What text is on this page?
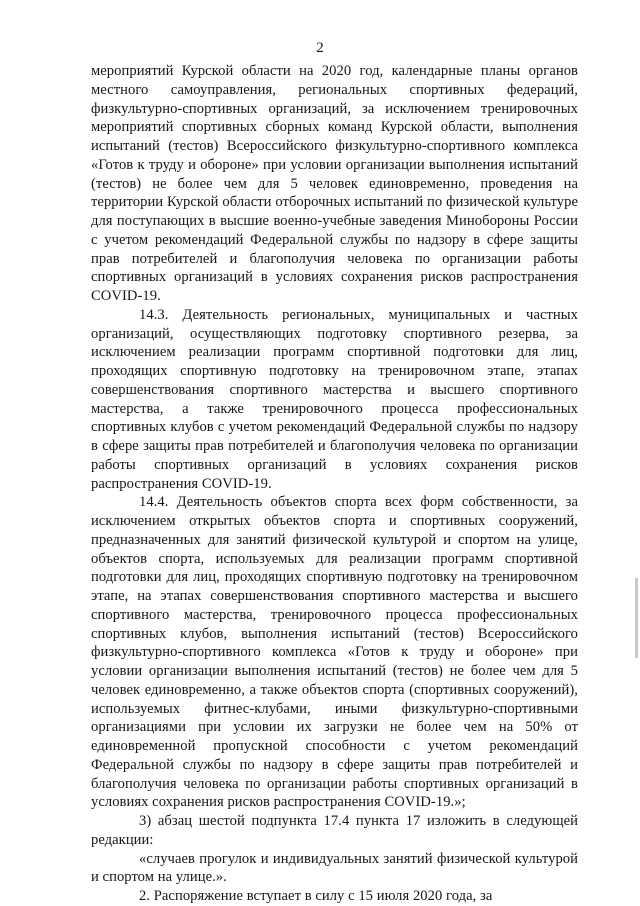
2

мероприятий Курской области на 2020 год, календарные планы органов местного самоуправления, региональных спортивных федераций, физкультурно-спортивных организаций, за исключением тренировочных мероприятий спортивных сборных команд Курской области, выполнения испытаний (тестов) Всероссийского физкультурно-спортивного комплекса «Готов к труду и обороне» при условии организации выполнения испытаний (тестов) не более чем для 5 человек единовременно, проведения на территории Курской области отборочных испытаний по физической культуре для поступающих в высшие военно-учебные заведения Минобороны России с учетом рекомендаций Федеральной службы по надзору в сфере защиты прав потребителей и благополучия человека по организации работы спортивных организаций в условиях сохранения рисков распространения COVID-19.

14.3. Деятельность региональных, муниципальных и частных организаций, осуществляющих подготовку спортивного резерва, за исключением реализации программ спортивной подготовки для лиц, проходящих спортивную подготовку на тренировочном этапе, этапах совершенствования спортивного мастерства и высшего спортивного мастерства, а также тренировочного процесса профессиональных спортивных клубов с учетом рекомендаций Федеральной службы по надзору в сфере защиты прав потребителей и благополучия человека по организации работы спортивных организаций в условиях сохранения рисков распространения COVID-19.

14.4. Деятельность объектов спорта всех форм собственности, за исключением открытых объектов спорта и спортивных сооружений, предназначенных для занятий физической культурой и спортом на улице, объектов спорта, используемых для реализации программ спортивной подготовки для лиц, проходящих спортивную подготовку на тренировочном этапе, на этапах совершенствования спортивного мастерства и высшего спортивного мастерства, тренировочного процесса профессиональных спортивных клубов, выполнения испытаний (тестов) Всероссийского физкультурно-спортивного комплекса «Готов к труду и обороне» при условии организации выполнения испытаний (тестов) не более чем для 5 человек единовременно, а также объектов спорта (спортивных сооружений), используемых фитнес-клубами, иными физкультурно-спортивными организациями при условии их загрузки не более чем на 50% от единовременной пропускной способности с учетом рекомендаций Федеральной службы по надзору в сфере защиты прав потребителей и благополучия человека по организации работы спортивных организаций в условиях сохранения рисков распространения COVID-19.»;

3) абзац шестой подпункта 17.4 пункта 17 изложить в следующей редакции:

«случаев прогулок и индивидуальных занятий физической культурой и спортом на улице.».

2. Распоряжение вступает в силу с 15 июля 2020 года, за
